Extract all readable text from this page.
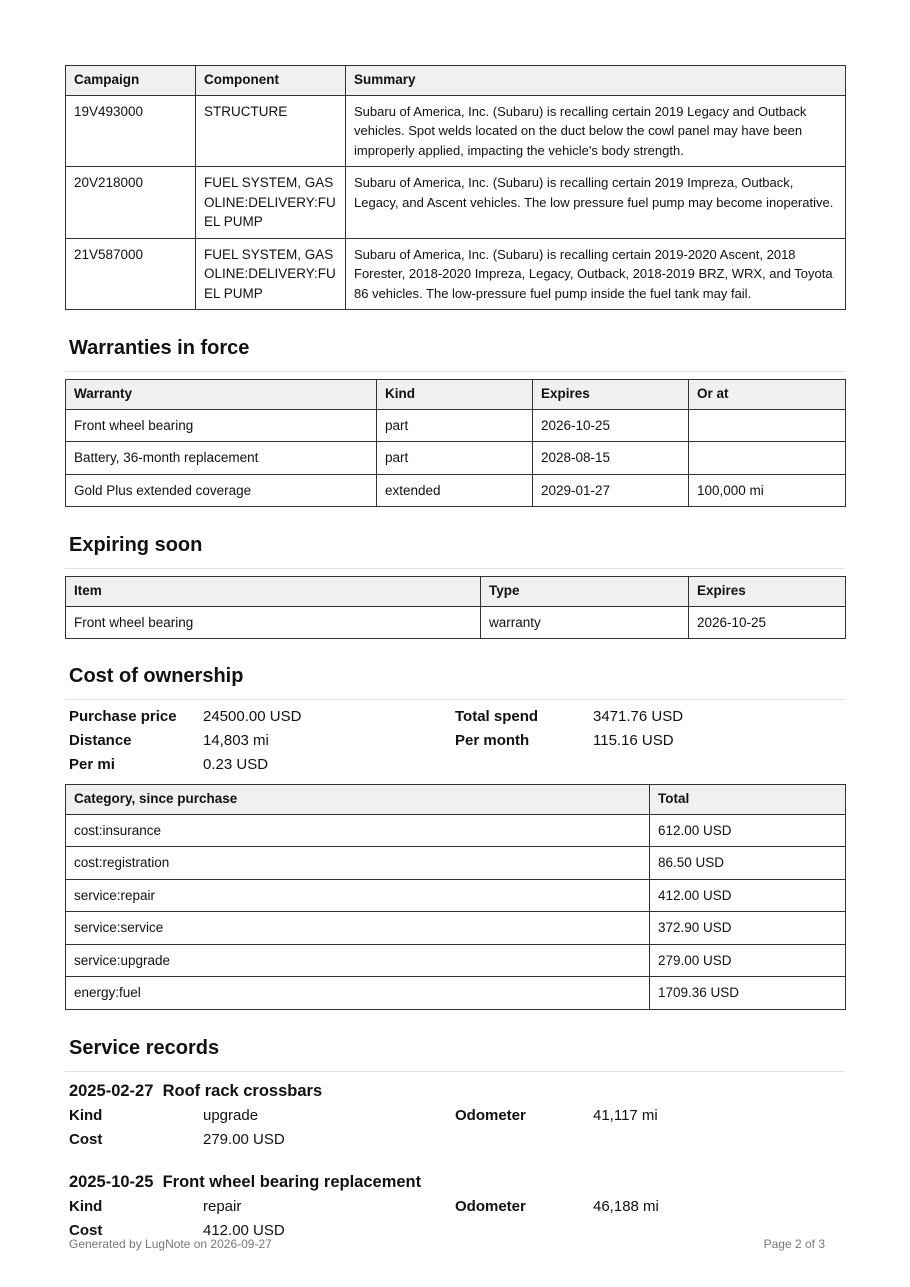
Campaign	Component	Summary
19V493000	STRUCTURE	Subaru of America, Inc. (Subaru) is recalling certain 2019 Legacy and Outback vehicles. Spot welds located on the duct below the cowl panel may have been improperly applied, impacting the vehicle's body strength.
20V218000	FUEL SYSTEM, GASOLINE:DELIVERY:FUEL PUMP	Subaru of America, Inc. (Subaru) is recalling certain 2019 Impreza, Outback, Legacy, and Ascent vehicles. The low pressure fuel pump may become inoperative.
21V587000	FUEL SYSTEM, GASOLINE:DELIVERY:FUEL PUMP	Subaru of America, Inc. (Subaru) is recalling certain 2019-2020 Ascent, 2018 Forester, 2018-2020 Impreza, Legacy, Outback, 2018-2019 BRZ, WRX, and Toyota 86 vehicles. The low-pressure fuel pump inside the fuel tank may fail.
Warranties in force
Warranty	Kind	Expires	Or at
Front wheel bearing	part	2026-10-25	
Battery, 36-month replacement	part	2028-08-15	
Gold Plus extended coverage	extended	2029-01-27	100,000 mi
Expiring soon
Item	Type	Expires
Front wheel bearing	warranty	2026-10-25
Cost of ownership
Purchase price	24500.00 USD	Total spend	3471.76 USD
Distance	14,803 mi	Per month	115.16 USD
Per mi	0.23 USD
Category, since purchase	Total
cost:insurance	612.00 USD
cost:registration	86.50 USD
service:repair	412.00 USD
service:service	372.90 USD
service:upgrade	279.00 USD
energy:fuel	1709.36 USD
Service records
2025-02-27  Roof rack crossbars
Kind	upgrade	Odometer	41,117 mi
Cost	279.00 USD
2025-10-25  Front wheel bearing replacement
Kind	repair	Odometer	46,188 mi
Cost	412.00 USD
Generated by LugNote on 2026-09-27	Page 2 of 3
